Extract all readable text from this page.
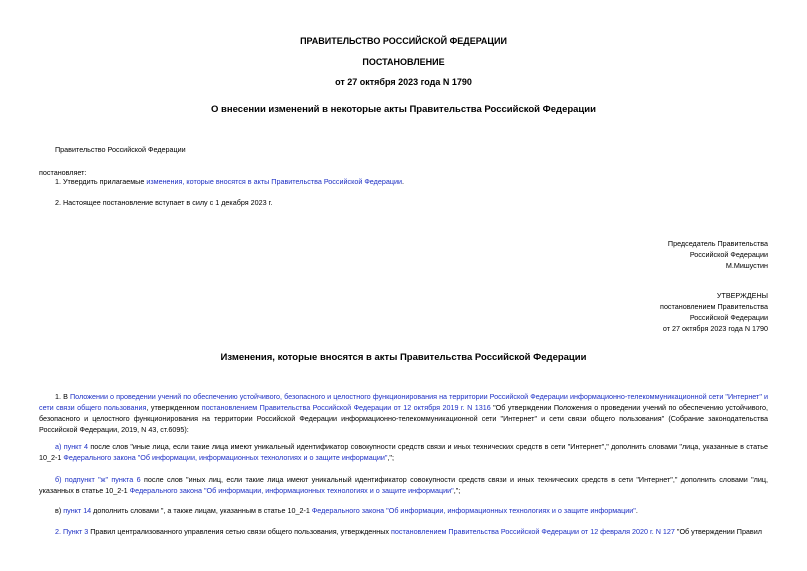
ПРАВИТЕЛЬСТВО РОССИЙСКОЙ ФЕДЕРАЦИИ
ПОСТАНОВЛЕНИЕ
от 27 октября 2023 года N 1790
О внесении изменений в некоторые акты Правительства Российской Федерации
Правительство Российской Федерации
постановляет:
1. Утвердить прилагаемые изменения, которые вносятся в акты Правительства Российской Федерации.
2. Настоящее постановление вступает в силу с 1 декабря 2023 г.
Председатель Правительства
Российской Федерации
М.Мишустин
УТВЕРЖДЕНЫ
постановлением Правительства
Российской Федерации
от 27 октября 2023 года N 1790
Изменения, которые вносятся в акты Правительства Российской Федерации
1. В Положении о проведении учений по обеспечению устойчивого, безопасного и целостного функционирования на территории Российской Федерации информационно-телекоммуникационной сети "Интернет" и сети связи общего пользования, утвержденном постановлением Правительства Российской Федерации от 12 октября 2019 г. N 1316 "Об утверждении Положения о проведении учений по обеспечению устойчивого, безопасного и целостного функционирования на территории Российской Федерации информационно-телекоммуникационной сети "Интернет" и сети связи общего пользования" (Собрание законодательства Российской Федерации, 2019, N 43, ст.6095):
а) пункт 4 после слов "иные лица, если такие лица имеют уникальный идентификатор совокупности средств связи и иных технических средств в сети "Интернет"," дополнить словами "лица, указанные в статье 10_2-1 Федерального закона "Об информации, информационных технологиях и о защите информации",";
б) подпункт "ж" пункта 6 после слов "иных лиц, если такие лица имеют уникальный идентификатор совокупности средств связи и иных технических средств в сети "Интернет"," дополнить словами "лиц, указанных в статье 10_2-1 Федерального закона "Об информации, информационных технологиях и о защите информации",";
в) пункт 14 дополнить словами ", а также лицам, указанным в статье 10_2-1 Федерального закона "Об информации, информационных технологиях и о защите информации".
2. Пункт 3 Правил централизованного управления сетью связи общего пользования, утвержденных постановлением Правительства Российской Федерации от 12 февраля 2020 г. N 127 "Об утверждении Правил
